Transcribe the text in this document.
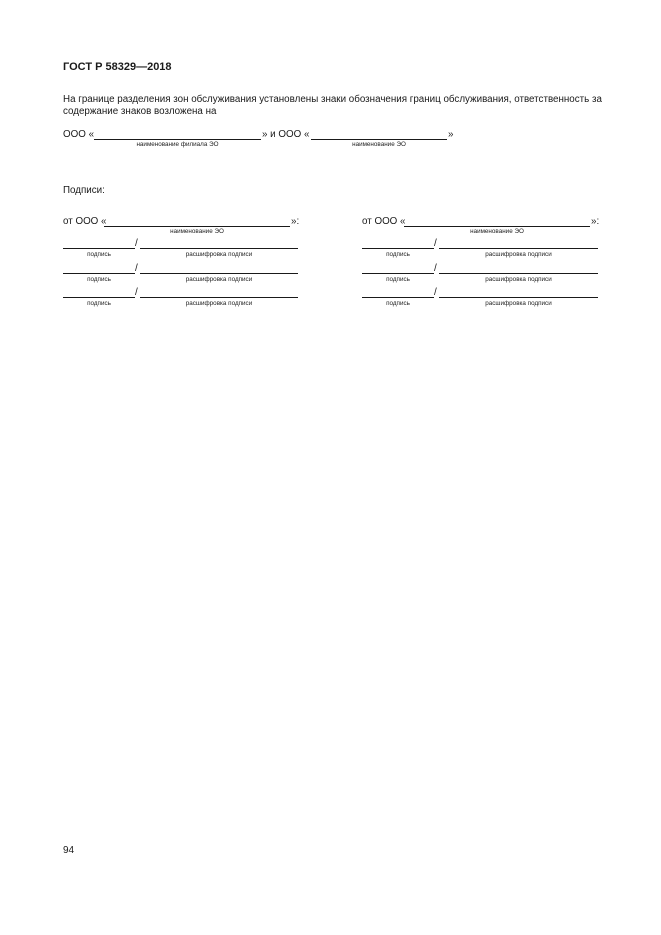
ГОСТ Р 58329—2018
На границе разделения зон обслуживания установлены знаки обозначения границ обслуживания, ответственность за содержание знаков возложена на
ООО «	» и ООО «	»
наименование филиала ЭО	наименование ЭО
Подписи:
от ООО «	»:
наименование ЭО
/
подпись	расшифровка подписи
/
подпись	расшифровка подписи
/
подпись	расшифровка подписи
от ООО «	»:
наименование ЭО
/
подпись	расшифровка подписи
/
подпись	расшифровка подписи
/
подпись	расшифровка подписи
94
